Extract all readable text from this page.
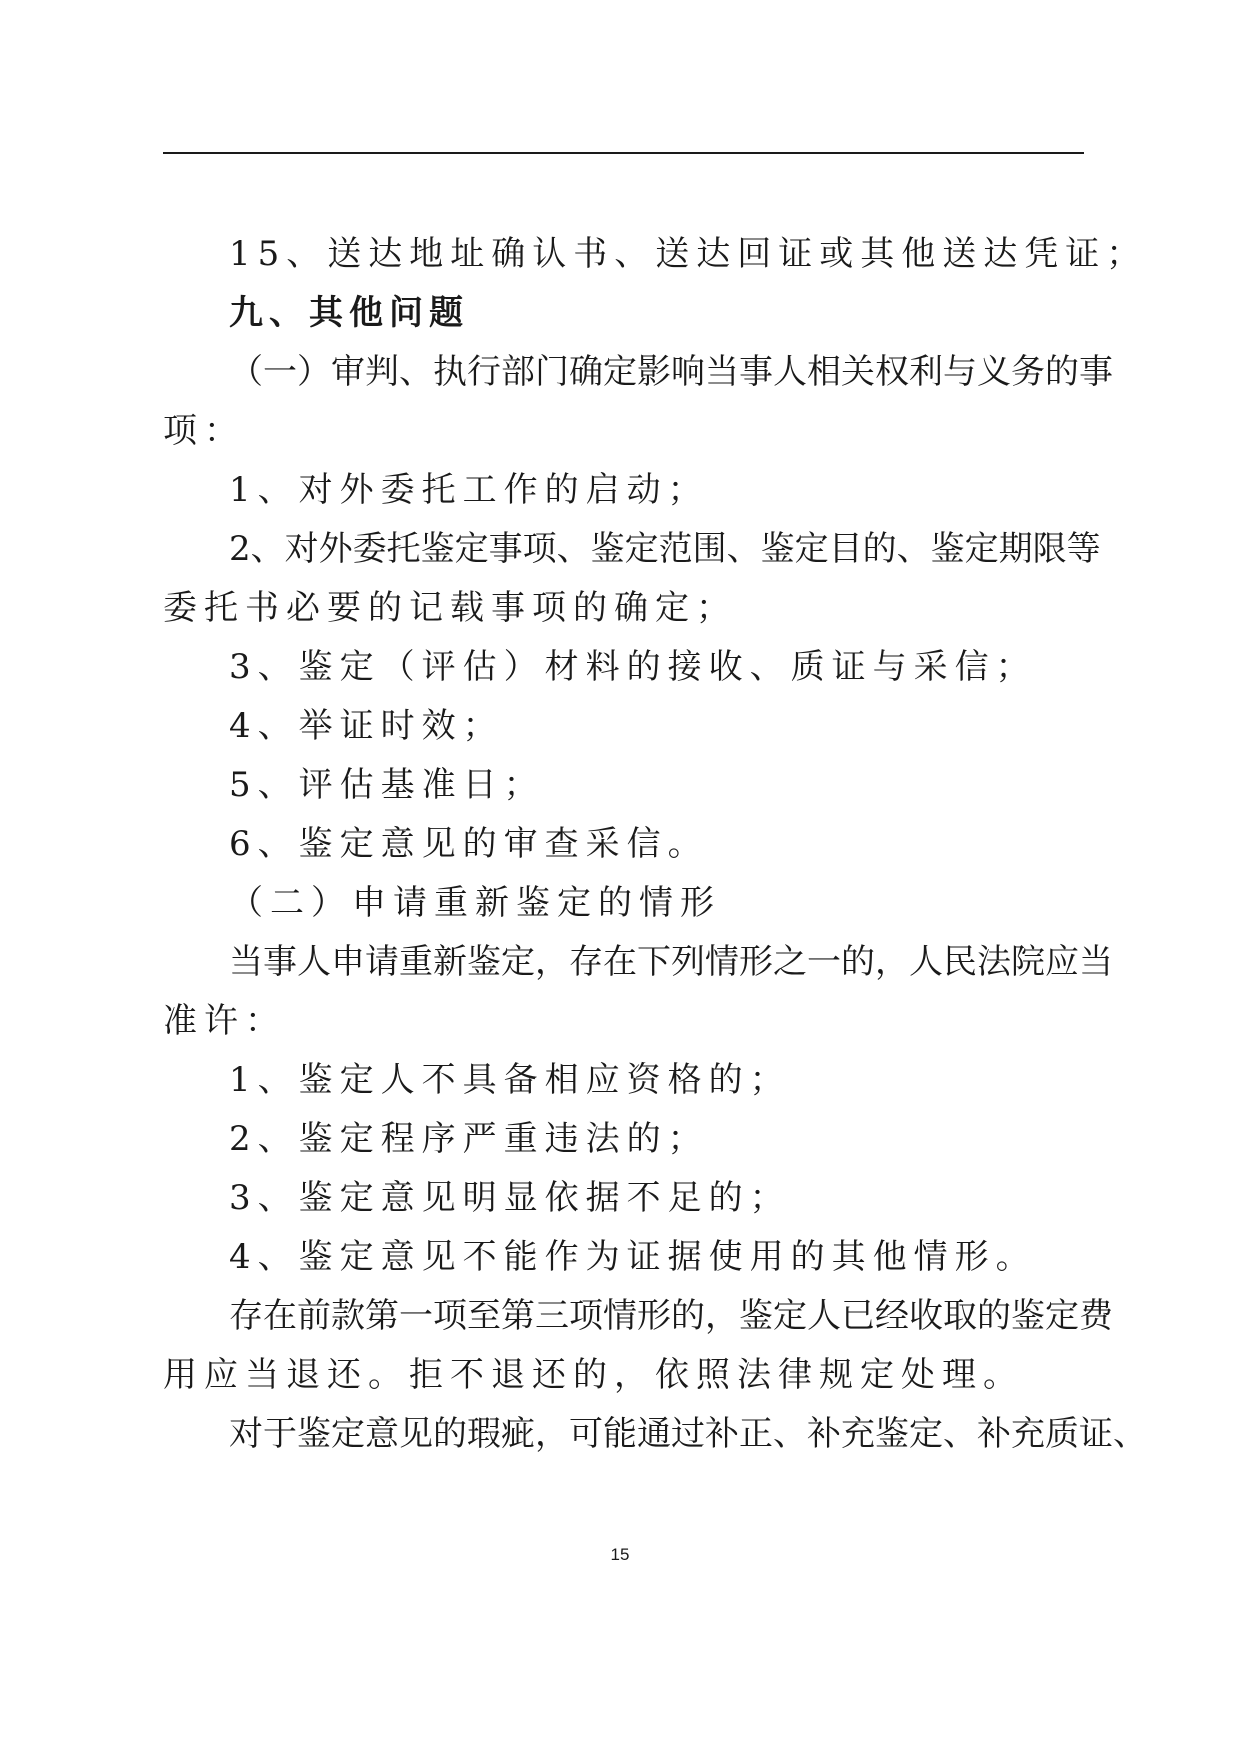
15、送达地址确认书、送达回证或其他送达凭证；
九、其他问题
（一）审判、执行部门确定影响当事人相关权利与义务的事
项：
1、对外委托工作的启动；
2、对外委托鉴定事项、鉴定范围、鉴定目的、鉴定期限等
委托书必要的记载事项的确定；
3、鉴定（评估）材料的接收、质证与采信；
4、举证时效；
5、评估基准日；
6、鉴定意见的审查采信。
（二）申请重新鉴定的情形
当事人申请重新鉴定，存在下列情形之一的，人民法院应当
准许：
1、鉴定人不具备相应资格的；
2、鉴定程序严重违法的；
3、鉴定意见明显依据不足的；
4、鉴定意见不能作为证据使用的其他情形。
存在前款第一项至第三项情形的，鉴定人已经收取的鉴定费
用应当退还。拒不退还的，依照法律规定处理。
对于鉴定意见的瑕疵，可能通过补正、补充鉴定、补充质证、
15
